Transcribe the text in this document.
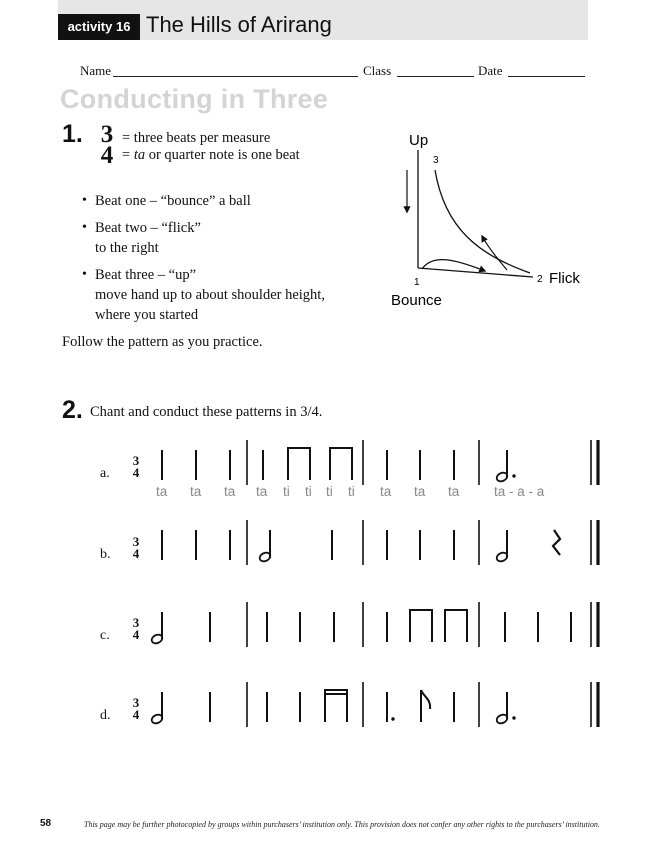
activity 16 The Hills of Arirang
Name	Class	Date
Conducting in Three
1. 3
4
= three beats per measure
= ta or quarter note is one beat
• Beat one – “bounce” a ball
• Beat two – “flick”
to the right
• Beat three – “up”
move hand up to about shoulder height,
where you started
Follow the pattern as you practice.
Up
3
1	2 Flick
Bounce
2. Chant and conduct these patterns in 3/4.
a.
3
4
ta ta ta ta ti ti ti ti ta ta ta	ta - a - a
b.
3
4
c.
3
4
d.
3
4
58	This page may be further photocopied by groups within purchasers’ institution only. This provision does not confer any other rights to the purchasers’ institution.
